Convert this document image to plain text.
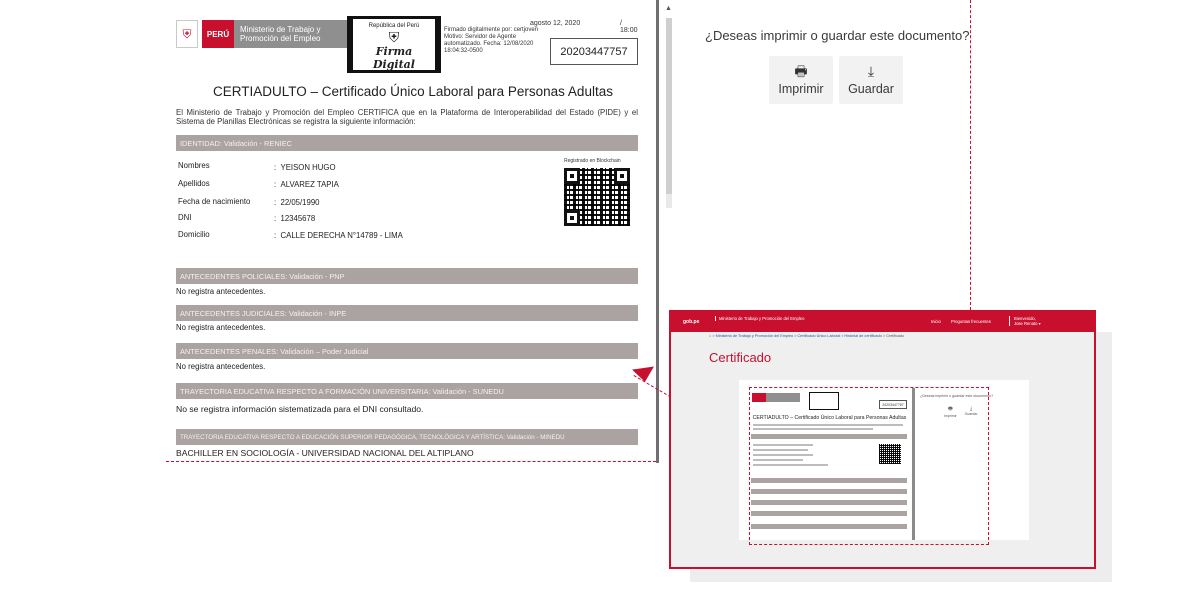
⛨	PERÚ	Ministerio de Trabajo y Promoción del Empleo
República del Perú
⛨
Firma Digital
Firmado digitalmente por: certjoven Motivo: Servidor de Agente automatizado. Fecha: 12/08/2020 18:04:32-0500
agosto 12, 2020	/ 18:00
20203447757
CERTIADULTO – Certificado Único Laboral para Personas Adultas
El Ministerio de Trabajo y Promoción del Empleo CERTIFICA que en la Plataforma de Interoperabilidad del Estado (PIDE) y el Sistema de Planillas Electrónicas se registra la siguiente información:
IDENTIDAD: Validación - RENIEC
Nombres	:  YEISON HUGO
Apellidos	:  ALVAREZ TAPIA
Fecha de nacimiento	:  22/05/1990
DNI	:  12345678
Domicilio	:  CALLE DERECHA N°14789 - LIMA
Registrado en Blockchain
ANTECEDENTES POLICIALES: Validación - PNP
No registra antecedentes.
ANTECEDENTES JUDICIALES: Validación - INPE
No registra antecedentes.
ANTECEDENTES PENALES: Validación – Poder Judicial
No registra antecedentes.
TRAYECTORIA EDUCATIVA RESPECTO A FORMACIÓN UNIVERSITARIA: Validación - SUNEDU
No se registra información sistematizada para el DNI consultado.
TRAYECTORIA EDUCATIVA RESPECTO A EDUCACIÓN SUPERIOR PEDAGÓGICA, TECNOLÓGICA Y ARTÍSTICA: Validación - MINEDU
BACHILLER EN SOCIOLOGÍA - UNIVERSIDAD NACIONAL DEL ALTIPLANO
▲
¿Deseas imprimir o guardar este documento?
🖶
Imprimir
⤓
Guardar
gob.pe
Ministerio de Trabajo y Promoción del Empleo
Inicio Preguntas frecuentes
Bienvenido,
Jose Renato ▾
⌂ > Ministerio de Trabajo y Promoción del Empleo > Certificado Único Laboral > Historial de certificado > Certificado
Certificado
20203447757
CERTIADULTO – Certificado Único Laboral para Personas Adultas
¿Deseas imprimir o guardar este documento?
🖶
Imprimir
⤓
Guardar
